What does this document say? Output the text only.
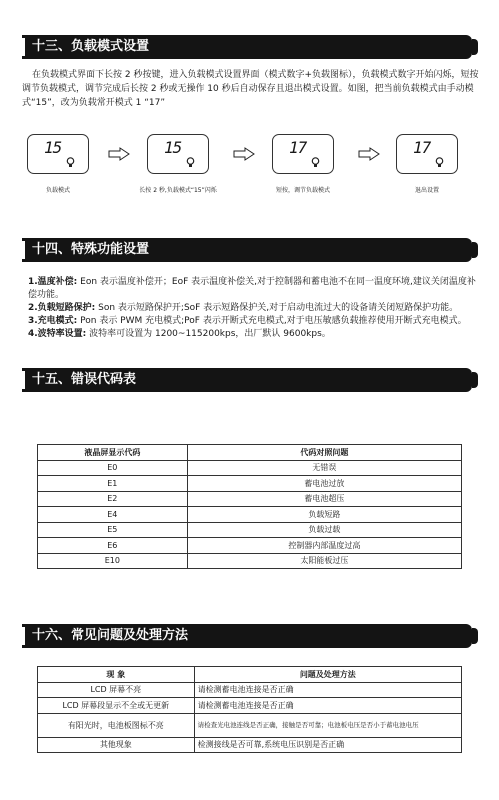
十三、负载模式设置
在负载模式界面下长按 2 秒按键，进入负载模式设置界面（模式数字+负载图标），负载模式数字开始闪烁，短按调节负载模式，调节完成后长按 2 秒或无操作 10 秒后自动保存且退出模式设置。如图，把当前负载模式由手动模式“15”，改为负载常开模式 1 “17”
15	15	17	17
负载模式	长按 2 秒,负载模式“15”闪烁	短按，调节负载模式	退出设置
十四、特殊功能设置

1.温度补偿: Eon 表示温度补偿开；EoF 表示温度补偿关,对于控制器和蓄电池不在同一温度环境,建议关闭温度补偿功能。

2.负载短路保护: Son 表示短路保护开;SoF 表示短路保护关,对于启动电流过大的设备请关闭短路保护功能。

3.充电模式: Pon 表示 PWM 充电模式;PoF 表示开断式充电模式,对于电压敏感负载推荐使用开断式充电模式。

4.波特率设置: 波特率可设置为 1200~115200kps，出厂默认 9600kps。

十五、错误代码表
液晶屏显示代码	代码对照问题
E0	无错误
E1	蓄电池过放
E2	蓄电池超压
E4	负载短路
E5	负载过载
E6	控制器内部温度过高
E10	太阳能板过压
十六、常见问题及处理方法
现 象	问题及处理方法
LCD 屏幕不亮	请检测蓄电池连接是否正确
LCD 屏幕段显示不全或无更新	请检测蓄电池连接是否正确
有阳光时，电池板图标不亮	请检查光电池连线是否正确，接触是否可靠；电池板电压是否小于蓄电池电压
其他现象	检测接线是否可靠,系统电压识别是否正确
